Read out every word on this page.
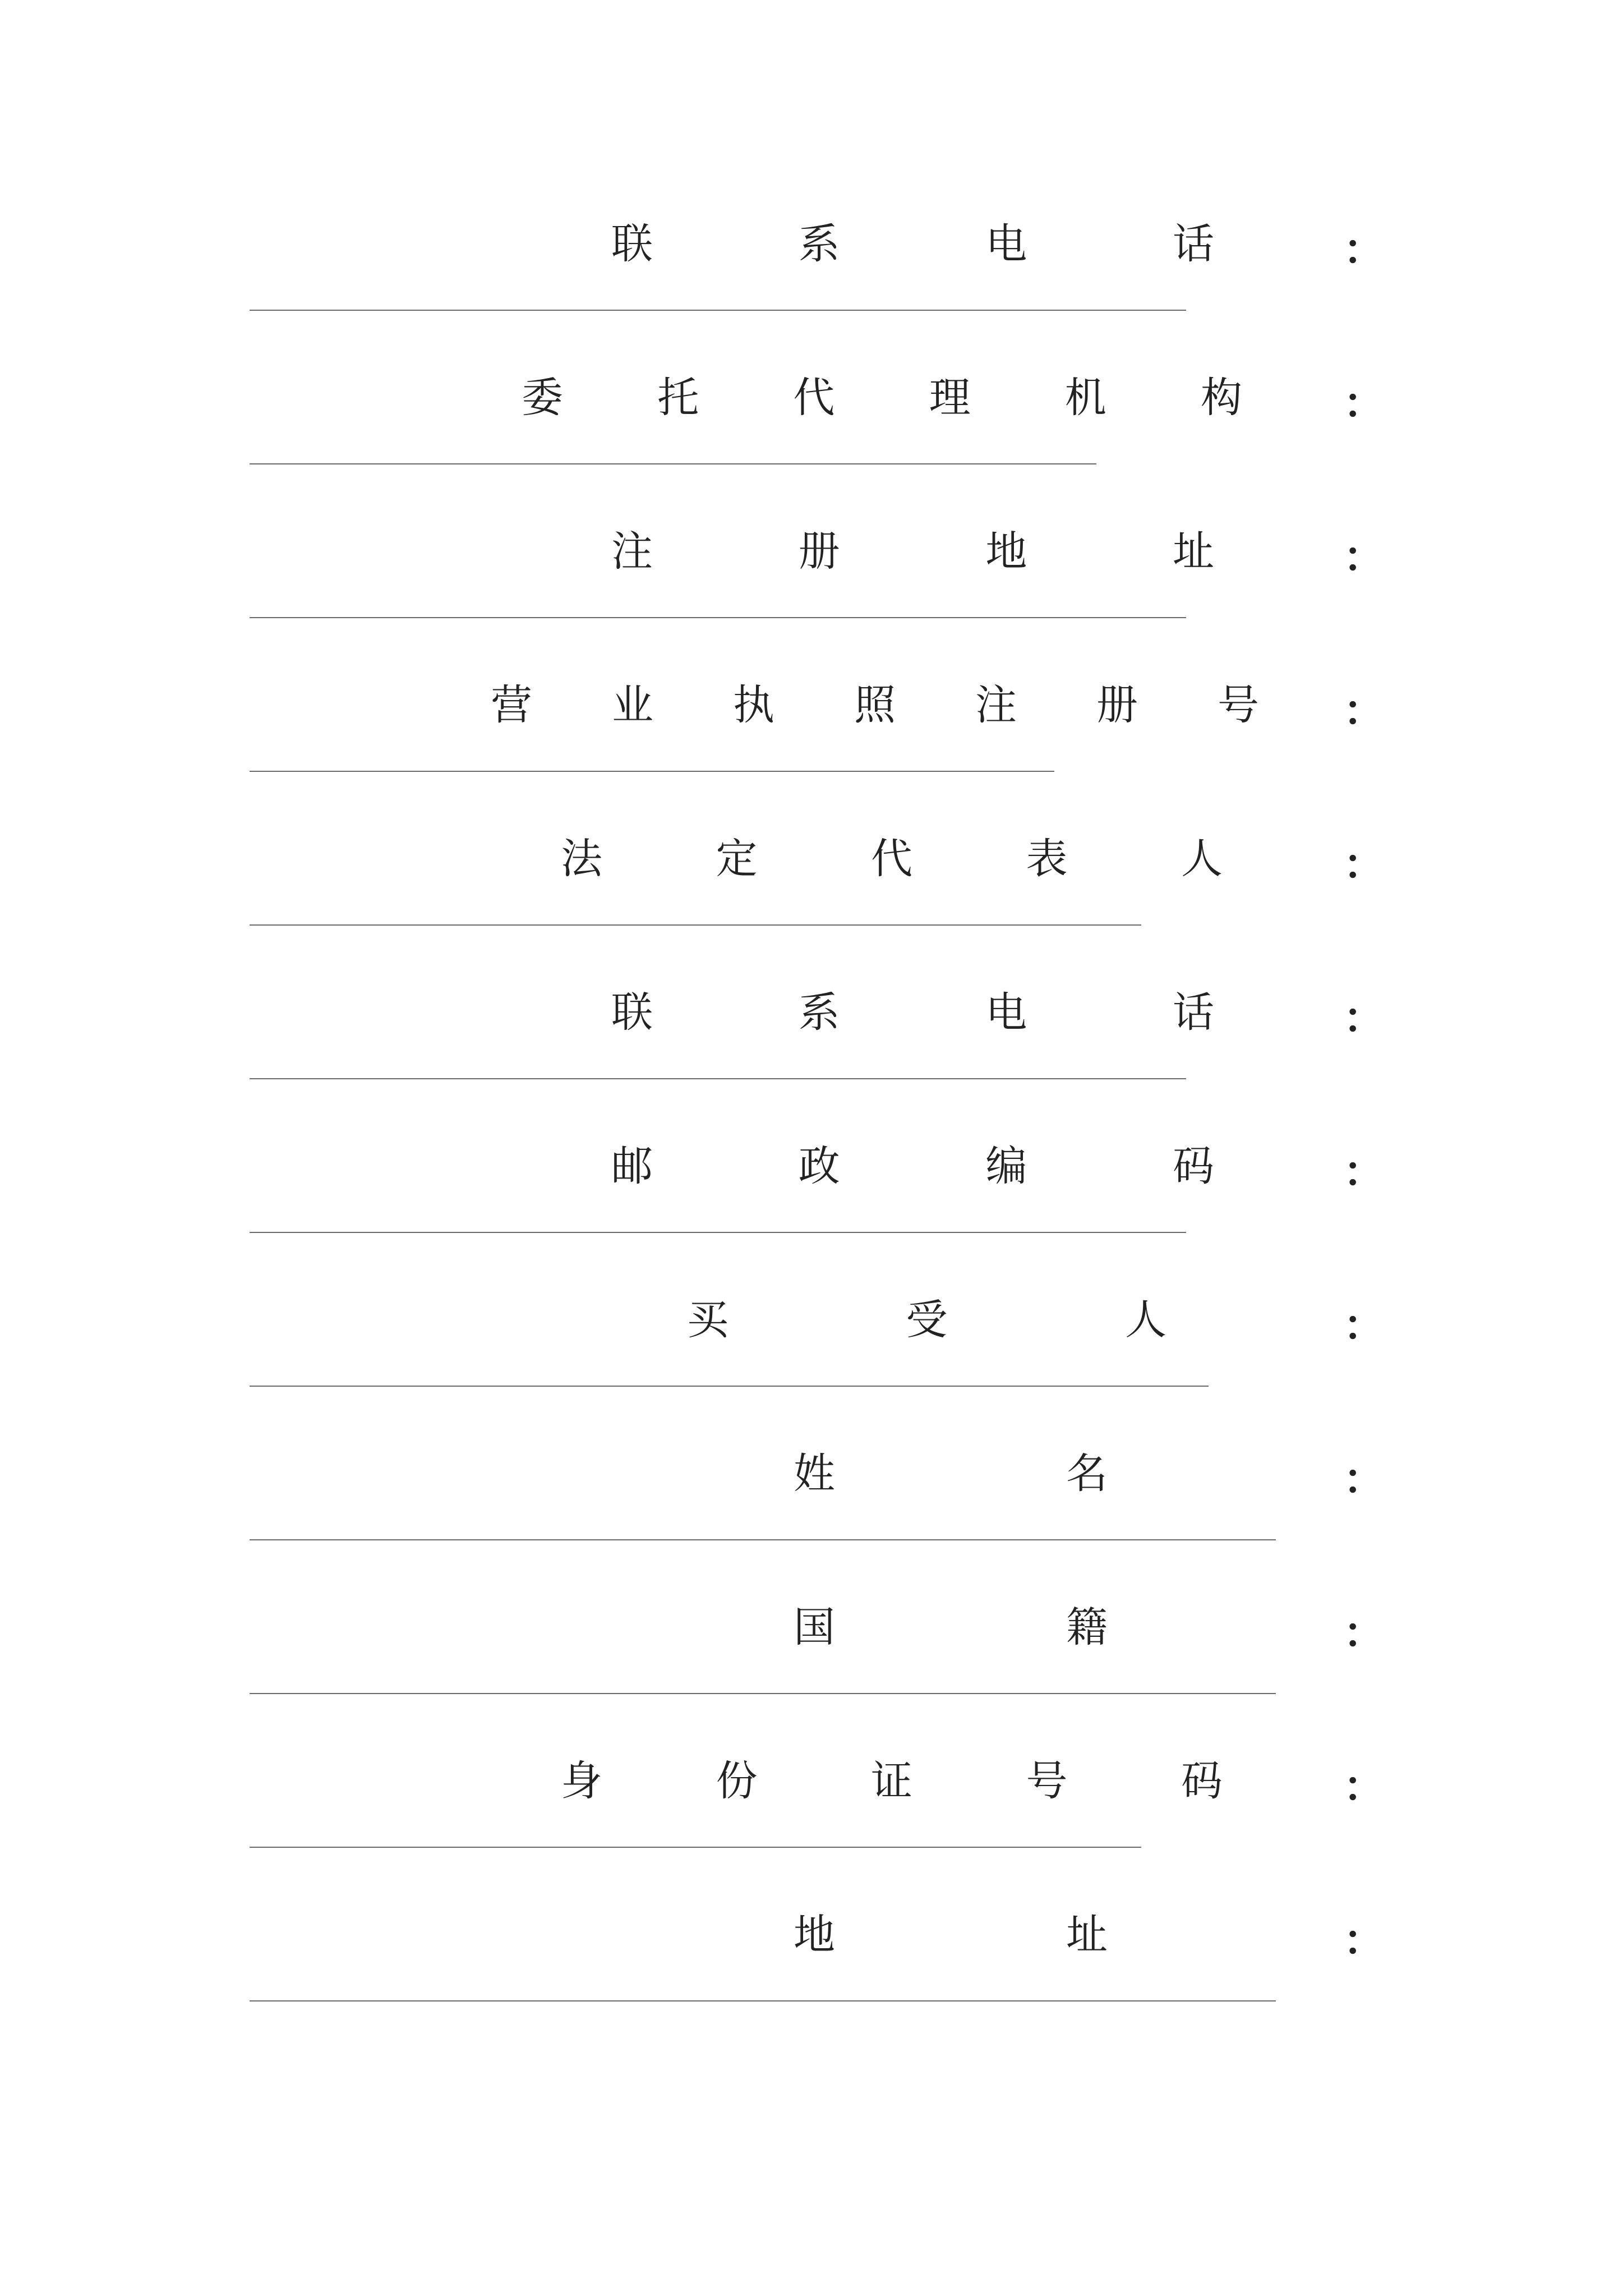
联	系	电	话	：
委 托 代 理 机 构 ：
注	册	地	址	：
营 业 执 照 注 册 号 ：
法	定	代	表	人	：
联	系	电	话	：
邮	政	编	码	：
买	受	人	：
姓	名	：
国	籍	：
身	份	证	号	码	：
地	址	：
